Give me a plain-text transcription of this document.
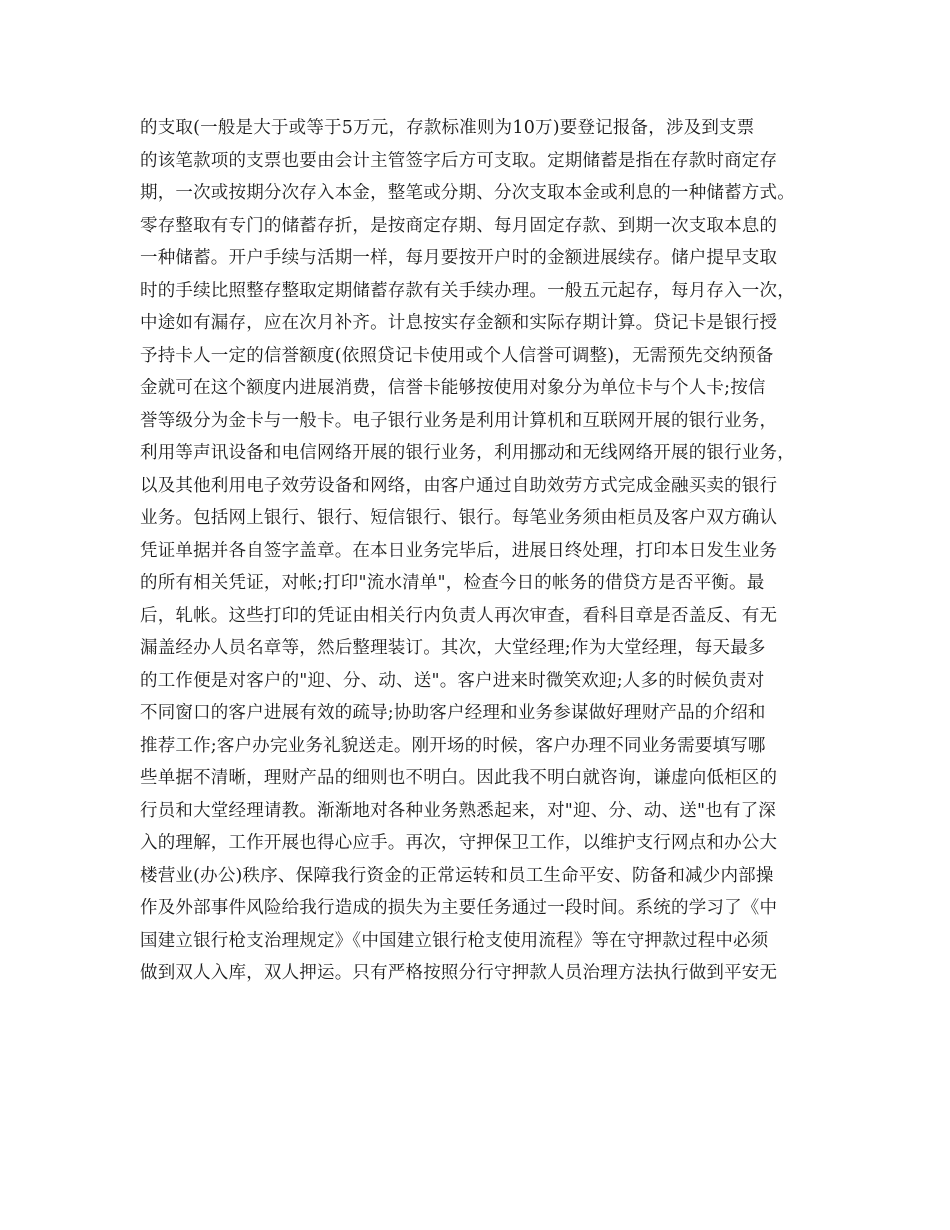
的支取(一般是大于或等于5万元，存款标准则为10万)要登记报备，涉及到支票
的该笔款项的支票也要由会计主管签字后方可支取。定期储蓄是指在存款时商定存
期，一次或按期分次存入本金，整笔或分期、分次支取本金或利息的一种储蓄方式。
零存整取有专门的储蓄存折，是按商定存期、每月固定存款、到期一次支取本息的
一种储蓄。开户手续与活期一样，每月要按开户时的金额进展续存。储户提早支取
时的手续比照整存整取定期储蓄存款有关手续办理。一般五元起存，每月存入一次，
中途如有漏存，应在次月补齐。计息按实存金额和实际存期计算。贷记卡是银行授
予持卡人一定的信誉额度(依照贷记卡使用或个人信誉可调整)，无需预先交纳预备
金就可在这个额度内进展消费，信誉卡能够按使用对象分为单位卡与个人卡;按信
誉等级分为金卡与一般卡。电子银行业务是利用计算机和互联网开展的银行业务，
利用等声讯设备和电信网络开展的银行业务，利用挪动和无线网络开展的银行业务，
以及其他利用电子效劳设备和网络，由客户通过自助效劳方式完成金融买卖的银行
业务。包括网上银行、银行、短信银行、银行。每笔业务须由柜员及客户双方确认
凭证单据并各自签字盖章。在本日业务完毕后，进展日终处理，打印本日发生业务
的所有相关凭证，对帐;打印"流水清单"，检查今日的帐务的借贷方是否平衡。最
后，轧帐。这些打印的凭证由相关行内负责人再次审查，看科目章是否盖反、有无
漏盖经办人员名章等，然后整理装订。其次，大堂经理;作为大堂经理，每天最多
的工作便是对客户的"迎、分、动、送"。客户进来时微笑欢迎;人多的时候负责对
不同窗口的客户进展有效的疏导;协助客户经理和业务参谋做好理财产品的介绍和
推荐工作;客户办完业务礼貌送走。刚开场的时候，客户办理不同业务需要填写哪
些单据不清晰，理财产品的细则也不明白。因此我不明白就咨询，谦虚向低柜区的
行员和大堂经理请教。渐渐地对各种业务熟悉起来，对"迎、分、动、送"也有了深
入的理解，工作开展也得心应手。再次，守押保卫工作，以维护支行网点和办公大
楼营业(办公)秩序、保障我行资金的正常运转和员工生命平安、防备和减少内部操
作及外部事件风险给我行造成的损失为主要任务通过一段时间。系统的学习了《中
国建立银行枪支治理规定》《中国建立银行枪支使用流程》等在守押款过程中必须
做到双人入库，双人押运。只有严格按照分行守押款人员治理方法执行做到平安无
